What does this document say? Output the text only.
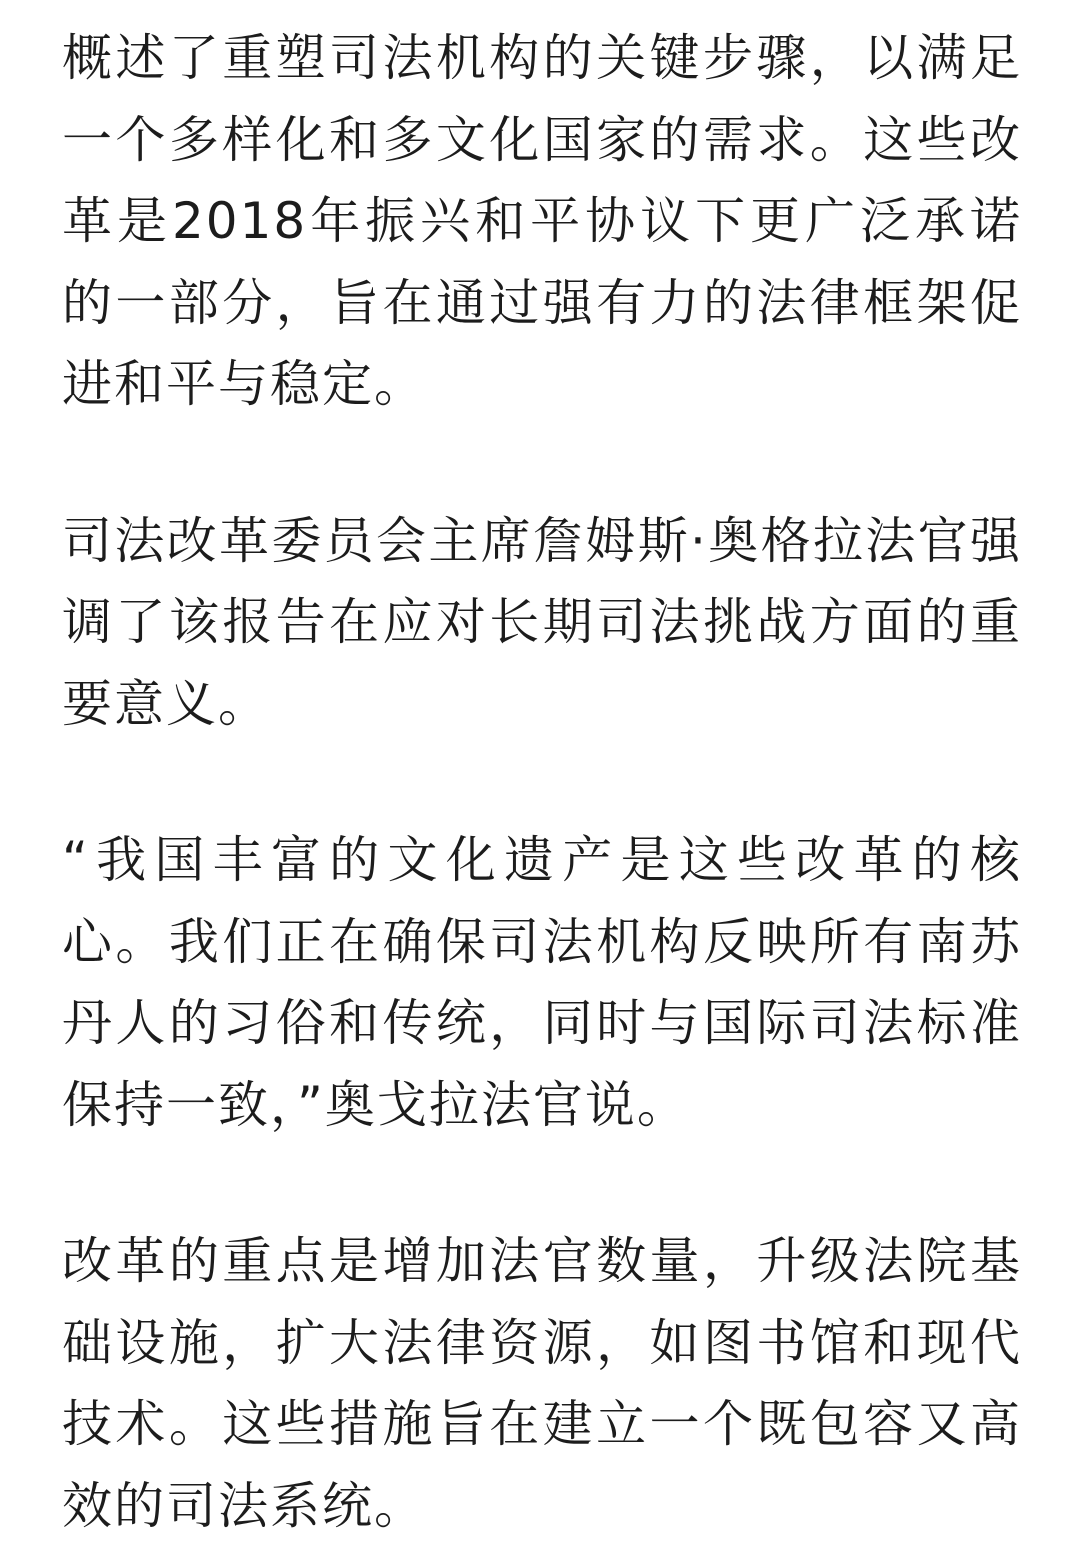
概述了重塑司法机构的关键步骤，以满足一个多样化和多文化国家的需求。这些改革是2018年振兴和平协议下更广泛承诺的一部分，旨在通过强有力的法律框架促进和平与稳定。

司法改革委员会主席詹姆斯·奥格拉法官强调了该报告在应对长期司法挑战方面的重要意义。

“我国丰富的文化遗产是这些改革的核心。我们正在确保司法机构反映所有南苏丹人的习俗和传统，同时与国际司法标准保持一致，”奥戈拉法官说。

改革的重点是增加法官数量，升级法院基础设施，扩大法律资源，如图书馆和现代技术。这些措施旨在建立一个既包容又高效的司法系统。
